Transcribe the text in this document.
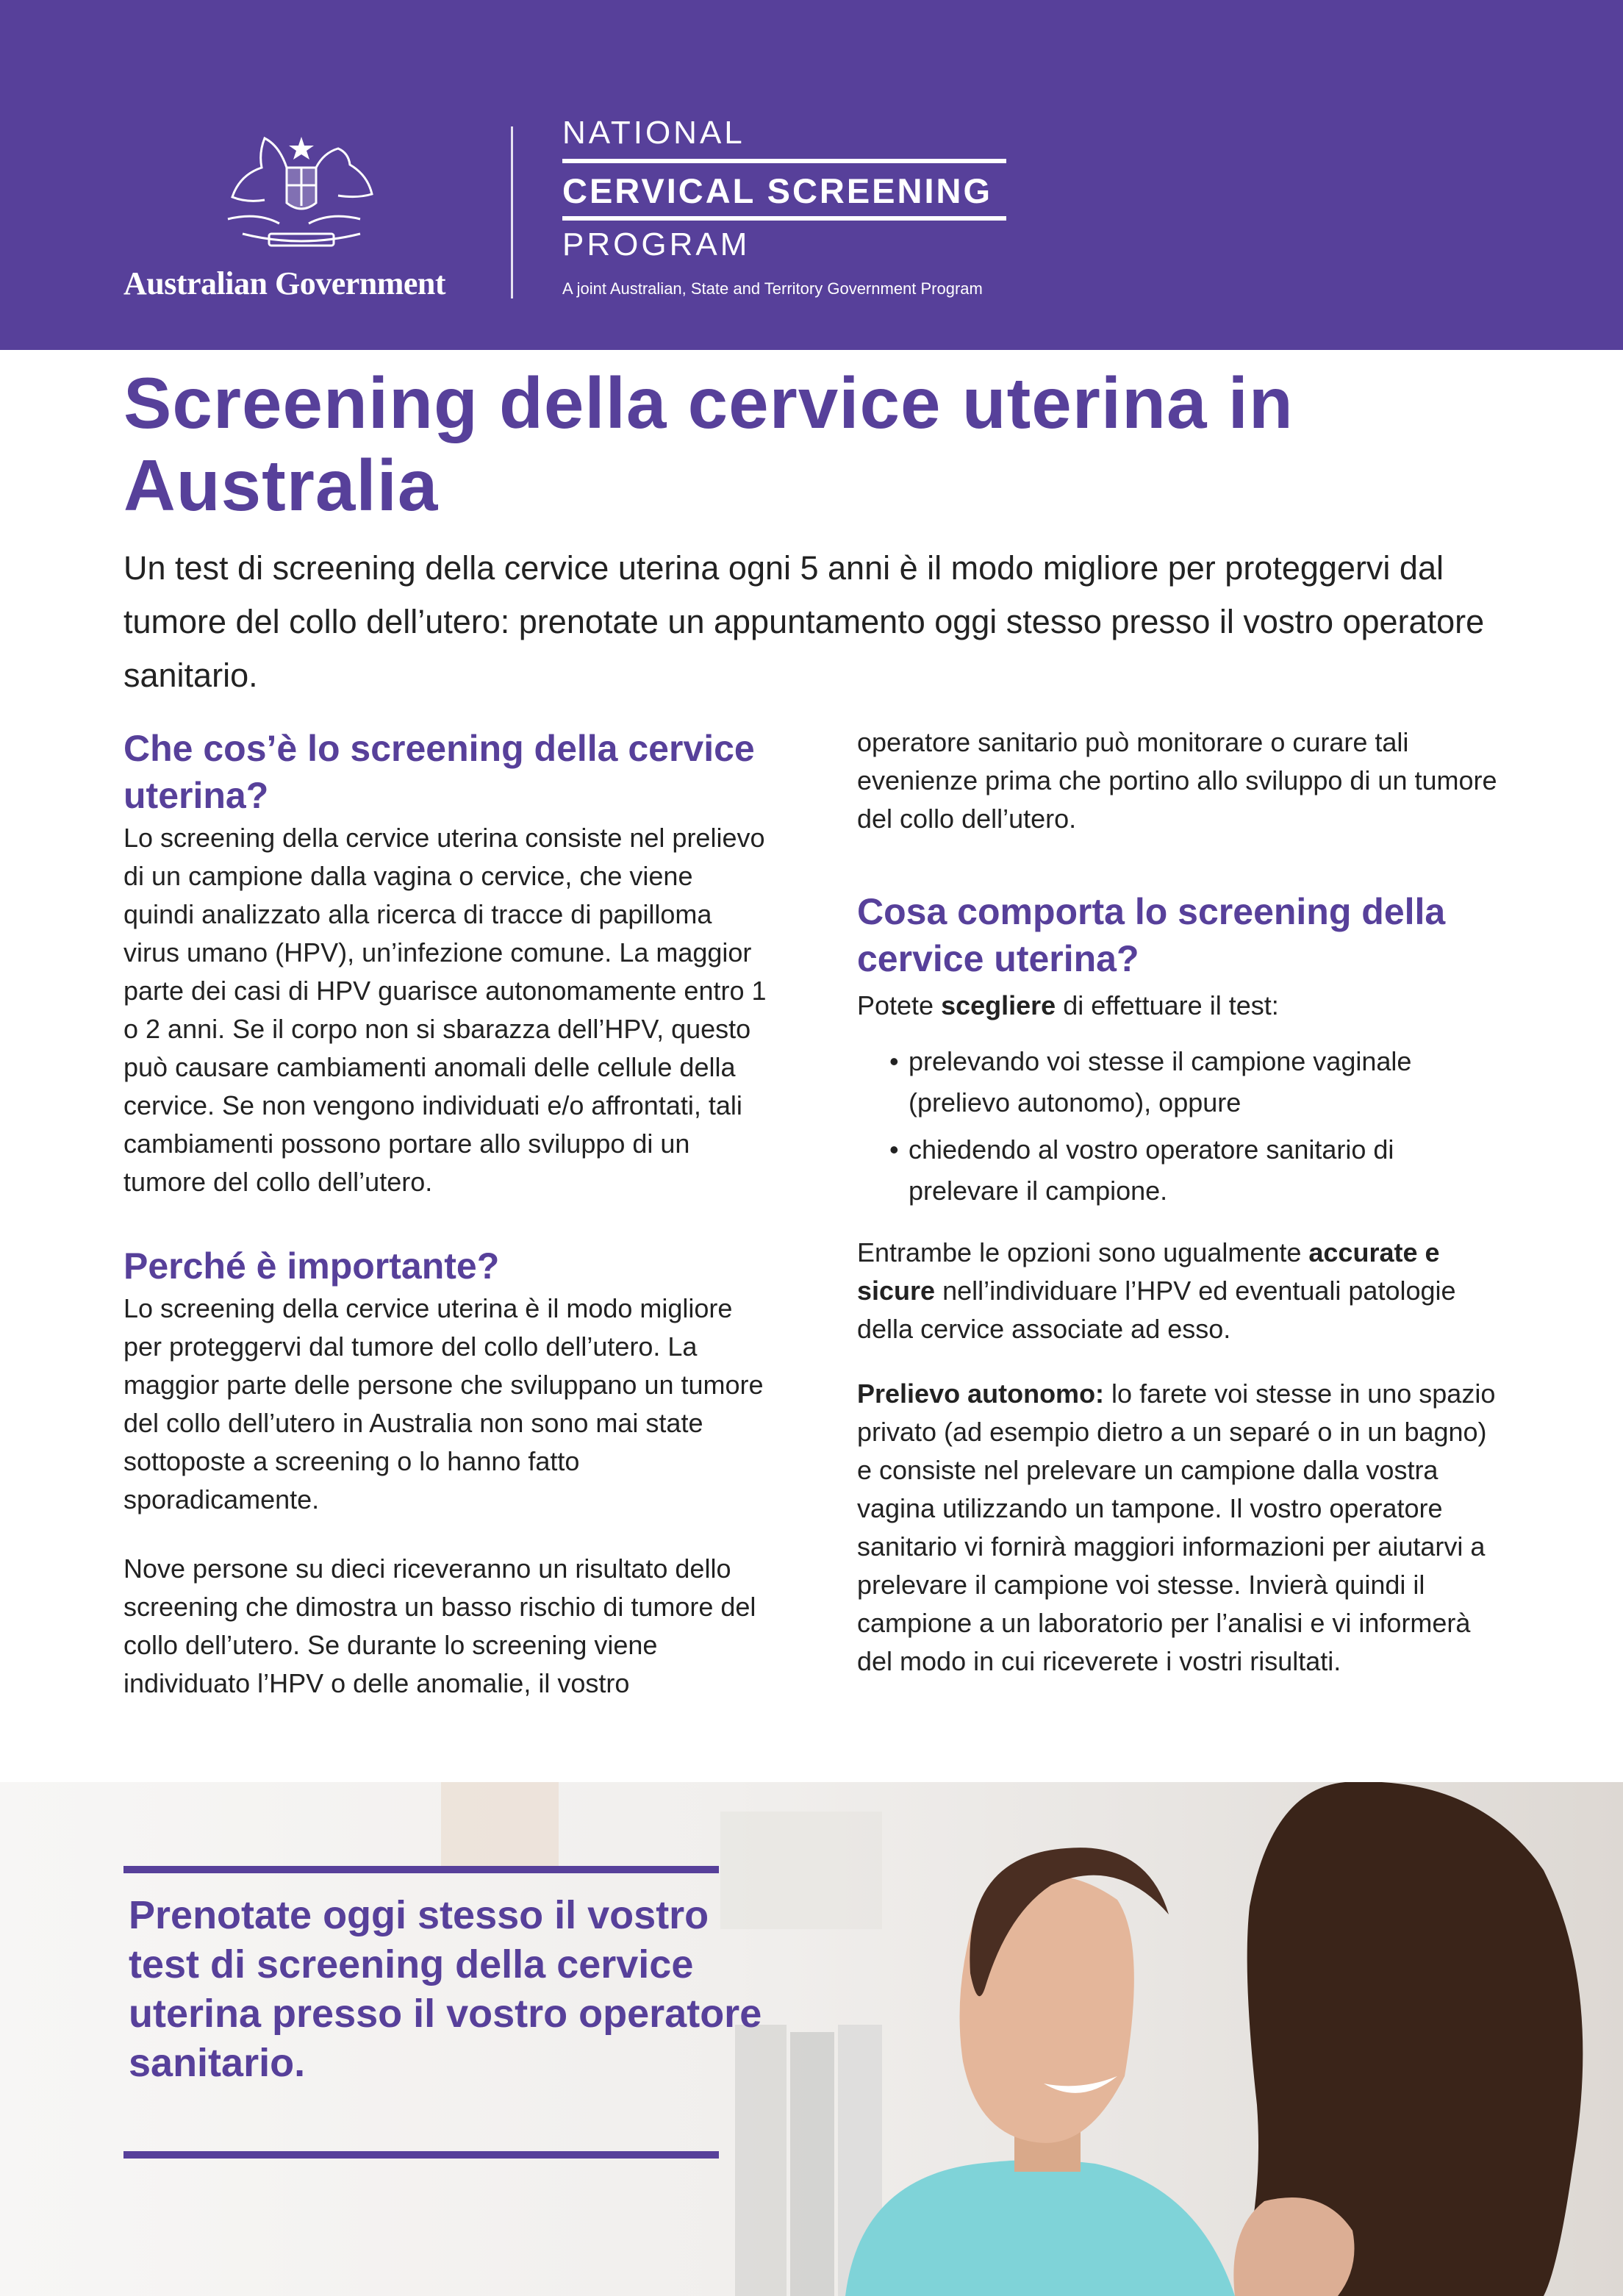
Australian Government
NATIONAL
CERVICAL SCREENING
PROGRAM
A joint Australian, State and Territory Government Program
Screening della cervice uterina in Australia

Un test di screening della cervice uterina ogni 5 anni è il modo migliore per proteggervi dal tumore del collo dell’utero: prenotate un appuntamento oggi stesso presso il vostro operatore sanitario.

Che cos’è lo screening della cervice uterina?

Lo screening della cervice uterina consiste nel prelievo di un campione dalla vagina o cervice, che viene quindi analizzato alla ricerca di tracce di papilloma virus umano (HPV), un’infezione comune. La maggior parte dei casi di HPV guarisce autonomamente entro 1 o 2 anni. Se il corpo non si sbarazza dell’HPV, questo può causare cambiamenti anomali delle cellule della cervice. Se non vengono individuati e/o affrontati, tali cambiamenti possono portare allo sviluppo di un tumore del collo dell’utero.

Perché è importante?

Lo screening della cervice uterina è il modo migliore per proteggervi dal tumore del collo dell’utero. La maggior parte delle persone che sviluppano un tumore del collo dell’utero in Australia non sono mai state sottoposte a screening o lo hanno fatto sporadicamente.

Nove persone su dieci riceveranno un risultato dello screening che dimostra un basso rischio di tumore del collo dell’utero. Se durante lo screening viene individuato l’HPV o delle anomalie, il vostro

operatore sanitario può monitorare o curare tali evenienze prima che portino allo sviluppo di un tumore del collo dell’utero.

Cosa comporta lo screening della cervice uterina?

Potete scegliere di effettuare il test:

• prelevando voi stesse il campione vaginale (prelievo autonomo), oppure
• chiedendo al vostro operatore sanitario di prelevare il campione.

Entrambe le opzioni sono ugualmente accurate e sicure nell’individuare l’HPV ed eventuali patologie della cervice associate ad esso.

Prelievo autonomo: lo farete voi stesse in uno spazio privato (ad esempio dietro a un separé o in un bagno) e consiste nel prelevare un campione dalla vostra vagina utilizzando un tampone. Il vostro operatore sanitario vi fornirà maggiori informazioni per aiutarvi a prelevare il campione voi stesse. Invierà quindi il campione a un laboratorio per l’analisi e vi informerà del modo in cui riceverete i vostri risultati.

Prenotate oggi stesso il vostro test di screening della cervice uterina presso il vostro operatore sanitario.
